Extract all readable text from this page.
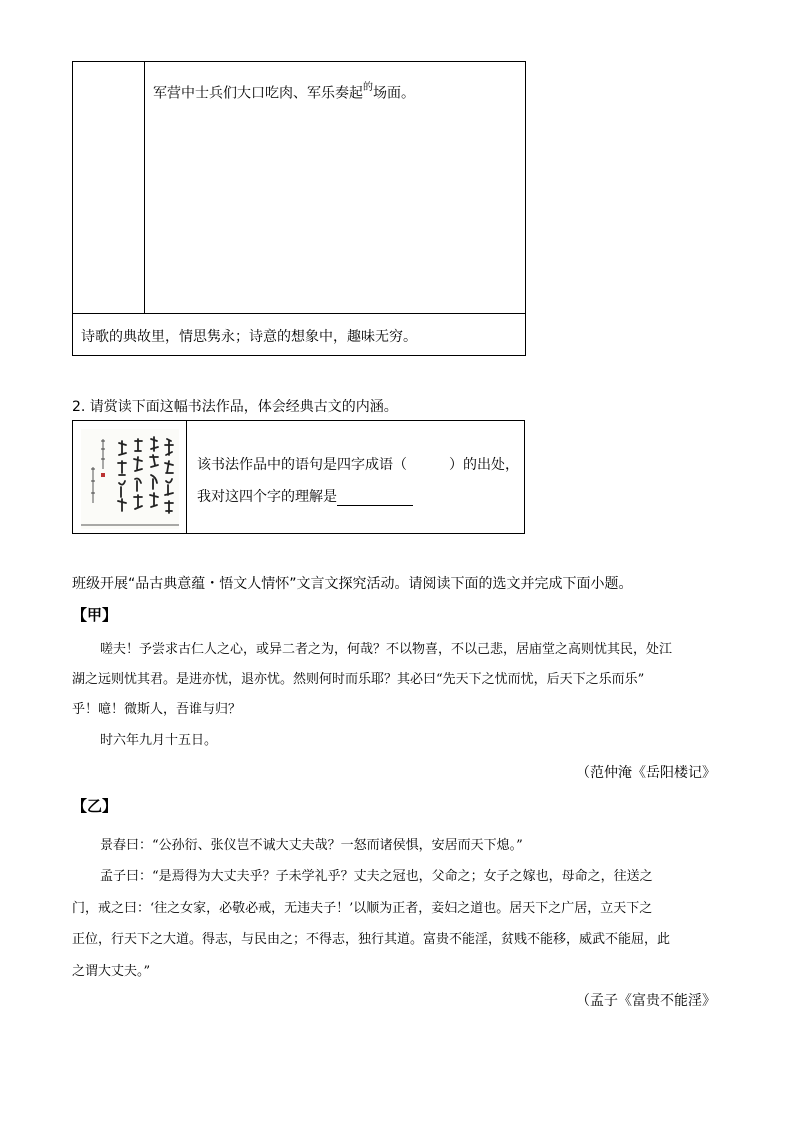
军营中士兵们大口吃肉、军乐奏起$^的$场面。
诗歌的典故里，情思隽永；诗意的想象中，趣味无穷。
2. 请赏读下面这幅书法作品，体会经典古文的内涵。
该书法作品中的语句是四字成语（　　　）的出处，
我对这四个字的理解是
班级开展“品古典意蕴・悟文人情怀”文言文探究活动。请阅读下面的选文并完成下面小题。
【甲】
嗟夫！予尝求古仁人之心，或异二者之为，何哉？不以物喜，不以己悲，居庙堂之高则忧其民，处江
湖之远则忧其君。是进亦忧，退亦忧。然则何时而乐耶？其必曰“先天下之忧而忧，后天下之乐而乐”
乎！噫！微斯人，吾谁与归？
时六年九月十五日。
（范仲淹《岳阳楼记》
【乙】
景春曰：“公孙衍、张仪岂不诚大丈夫哉？一怒而诸侯惧，安居而天下熄。”
孟子曰：“是焉得为大丈夫乎？子未学礼乎？丈夫之冠也，父命之；女子之嫁也，母命之，往送之
门，戒之曰：‘往之女家，必敬必戒，无违夫子！’以顺为正者，妾妇之道也。居天下之广居，立天下之
正位，行天下之大道。得志，与民由之；不得志，独行其道。富贵不能淫，贫贱不能移，威武不能屈，此
之谓大丈夫。”
（孟子《富贵不能淫》
